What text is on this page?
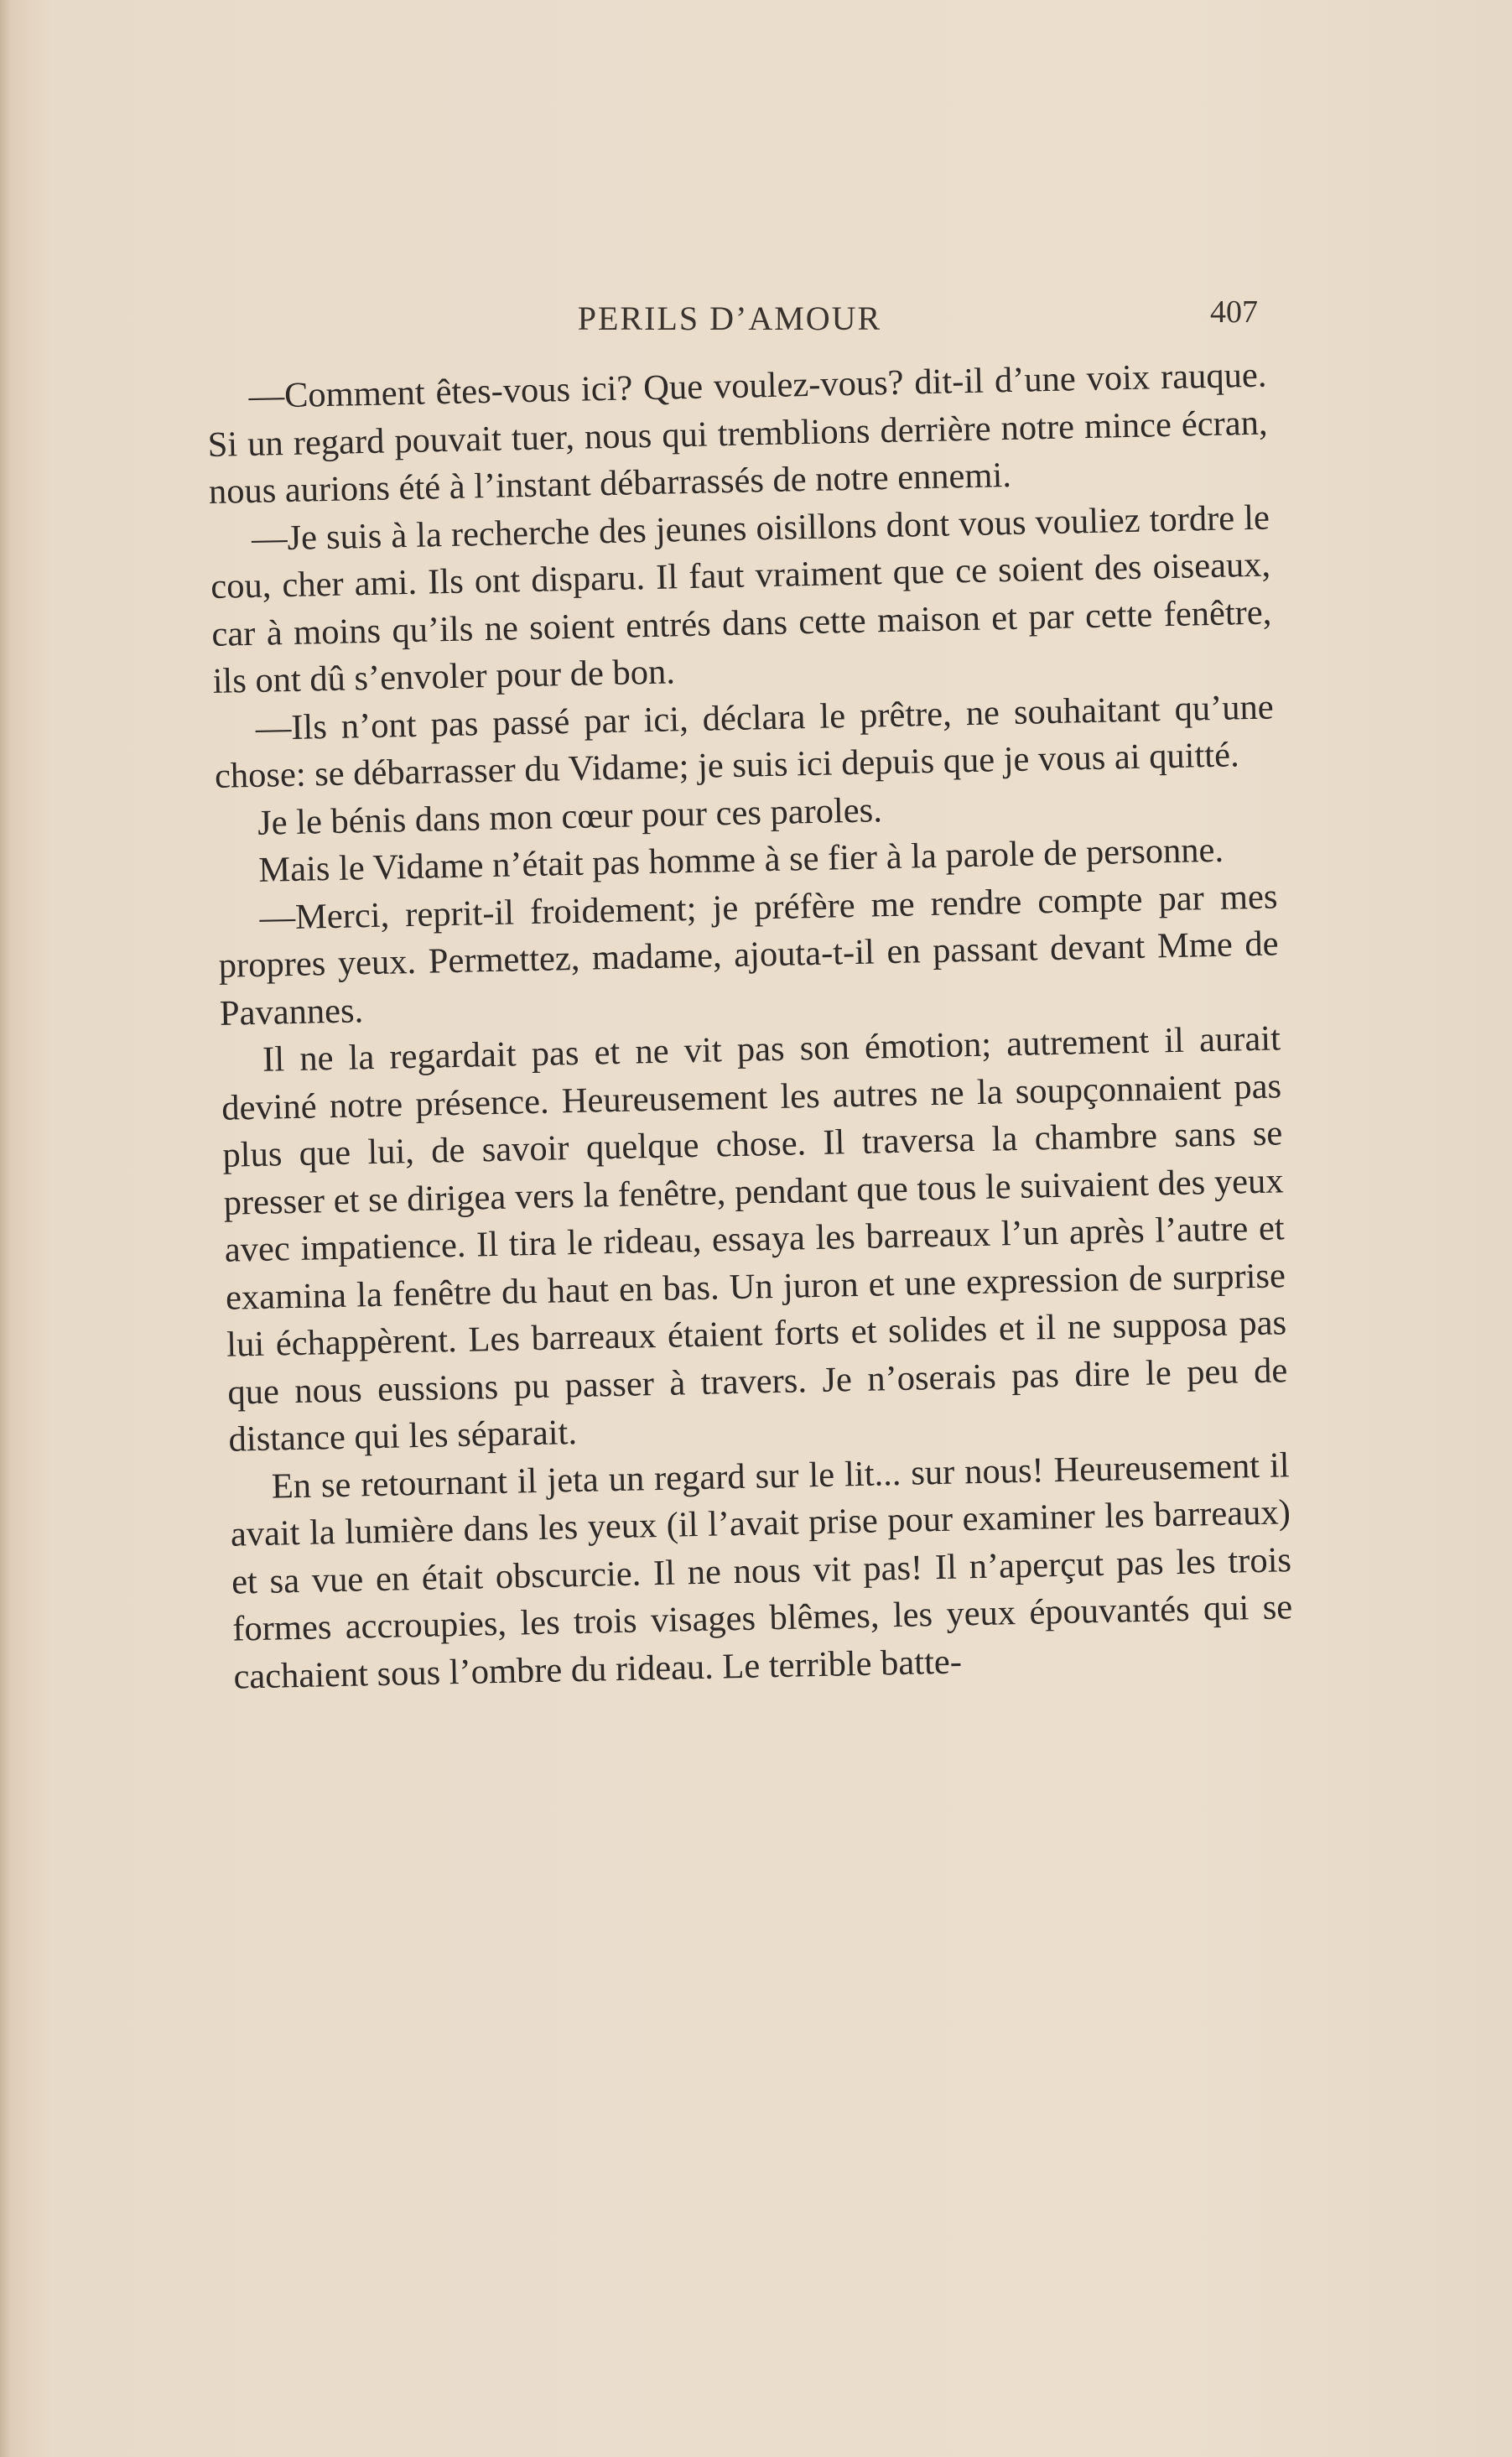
PERILS D’AMOUR	407

—Comment êtes-vous ici? Que voulez-vous? dit-il d’une voix rauque. Si un regard pouvait tuer, nous qui tremblions derrière notre mince écran, nous aurions été à l’instant débarrassés de notre ennemi.

—Je suis à la recherche des jeunes oisillons dont vous vouliez tordre le cou, cher ami. Ils ont disparu. Il faut vraiment que ce soient des oiseaux, car à moins qu’ils ne soient entrés dans cette maison et par cette fenêtre, ils ont dû s’envoler pour de bon.

—Ils n’ont pas passé par ici, déclara le prêtre, ne souhaitant qu’une chose: se débarrasser du Vidame; je suis ici depuis que je vous ai quitté.

Je le bénis dans mon cœur pour ces paroles.

Mais le Vidame n’était pas homme à se fier à la parole de personne.

—Merci, reprit-il froidement; je préfère me rendre compte par mes propres yeux. Permettez, madame, ajouta-t-il en passant devant Mme de Pavannes.

Il ne la regardait pas et ne vit pas son émotion; autrement il aurait deviné notre présence. Heureusement les autres ne la soupçonnaient pas plus que lui, de savoir quelque chose. Il traversa la chambre sans se presser et se dirigea vers la fenêtre, pendant que tous le suivaient des yeux avec impatience. Il tira le rideau, essaya les barreaux l’un après l’autre et examina la fenêtre du haut en bas. Un juron et une expression de surprise lui échappèrent. Les barreaux étaient forts et solides et il ne supposa pas que nous eussions pu passer à travers. Je n’oserais pas dire le peu de distance qui les séparait.

En se retournant il jeta un regard sur le lit... sur nous! Heureusement il avait la lumière dans les yeux (il l’avait prise pour examiner les barreaux) et sa vue en était obscurcie. Il ne nous vit pas! Il n’aperçut pas les trois formes accroupies, les trois visages blêmes, les yeux épouvantés qui se cachaient sous l’ombre du rideau. Le terrible batte-
